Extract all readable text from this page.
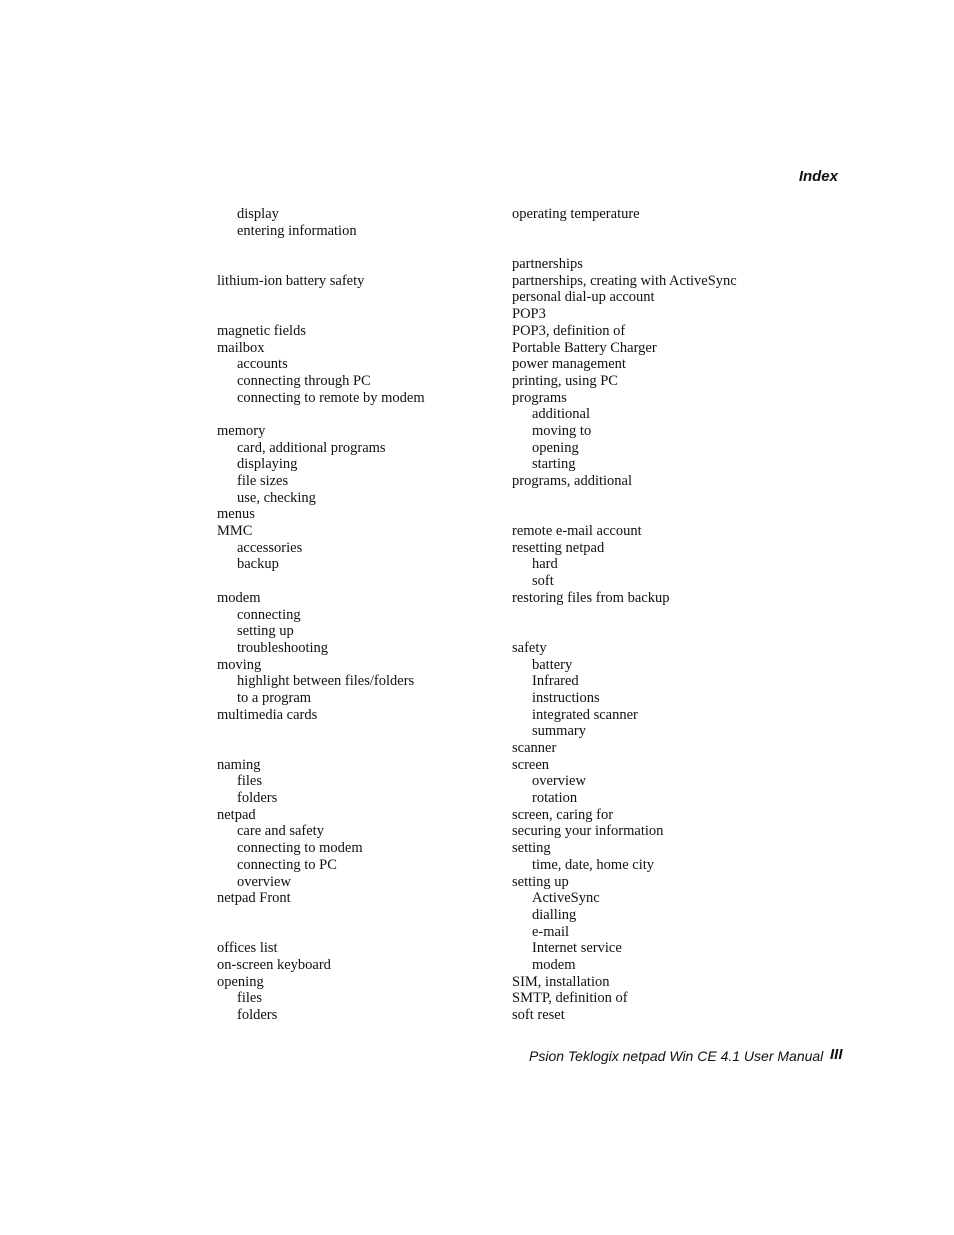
Index
display
entering information
lithium-ion battery safety
magnetic fields
mailbox
accounts
connecting through PC
connecting to remote by modem
memory
card, additional programs
displaying
file sizes
use, checking
menus
MMC
accessories
backup
modem
connecting
setting up
troubleshooting
moving
highlight between files/folders
to a program
multimedia cards
naming
files
folders
netpad
care and safety
connecting to modem
connecting to PC
overview
netpad Front
offices list
on-screen keyboard
opening
files
folders
operating temperature
partnerships
partnerships, creating with ActiveSync
personal dial-up account
POP3
POP3, definition of
Portable Battery Charger
power management
printing, using PC
programs
additional
moving to
opening
starting
programs, additional
remote e-mail account
resetting netpad
hard
soft
restoring files from backup
safety
battery
Infrared
instructions
integrated scanner
summary
scanner
screen
overview
rotation
screen, caring for
securing your information
setting
time, date, home city
setting up
ActiveSync
dialling
e-mail
Internet service
modem
SIM, installation
SMTP, definition of
soft reset
Psion Teklogix netpad Win CE 4.1 User Manual III
